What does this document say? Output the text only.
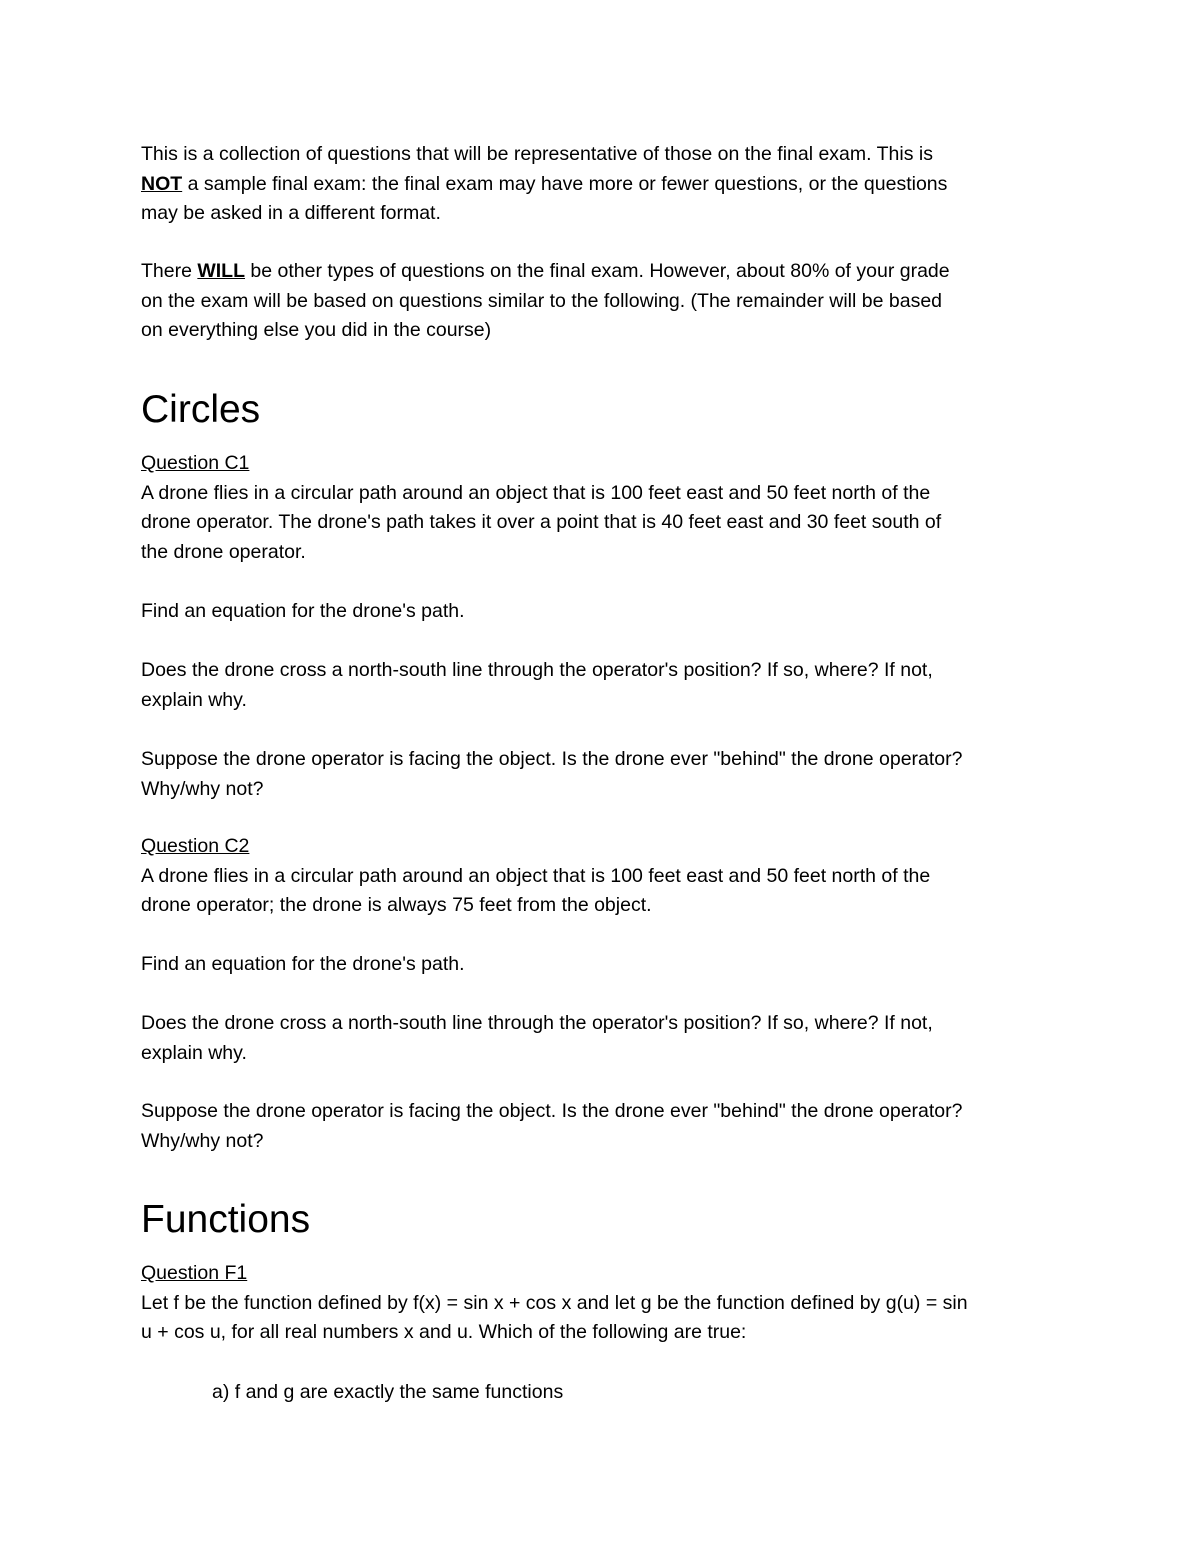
This is a collection of questions that will be representative of those on the final exam. This is
NOT a sample final exam: the final exam may have more or fewer questions, or the questions
may be asked in a different format.
There WILL be other types of questions on the final exam. However, about 80% of your grade
on the exam will be based on questions similar to the following. (The remainder will be based
on everything else you did in the course)
Circles
Question C1
A drone flies in a circular path around an object that is 100 feet east and 50 feet north of the
drone operator. The drone's path takes it over a point that is 40 feet east and 30 feet south of
the drone operator.
Find an equation for the drone's path.
Does the drone cross a north-south line through the operator's position? If so, where? If not,
explain why.
Suppose the drone operator is facing the object. Is the drone ever "behind" the drone operator?
Why/why not?
Question C2
A drone flies in a circular path around an object that is 100 feet east and 50 feet north of the
drone operator; the drone is always 75 feet from the object.
Find an equation for the drone's path.
Does the drone cross a north-south line through the operator's position? If so, where? If not,
explain why.
Suppose the drone operator is facing the object. Is the drone ever "behind" the drone operator?
Why/why not?
Functions
Question F1
Let f be the function defined by f(x) = sin x + cos x and let g be the function defined by g(u) = sin
u + cos u, for all real numbers x and u. Which of the following are true:
a) f and g are exactly the same functions
